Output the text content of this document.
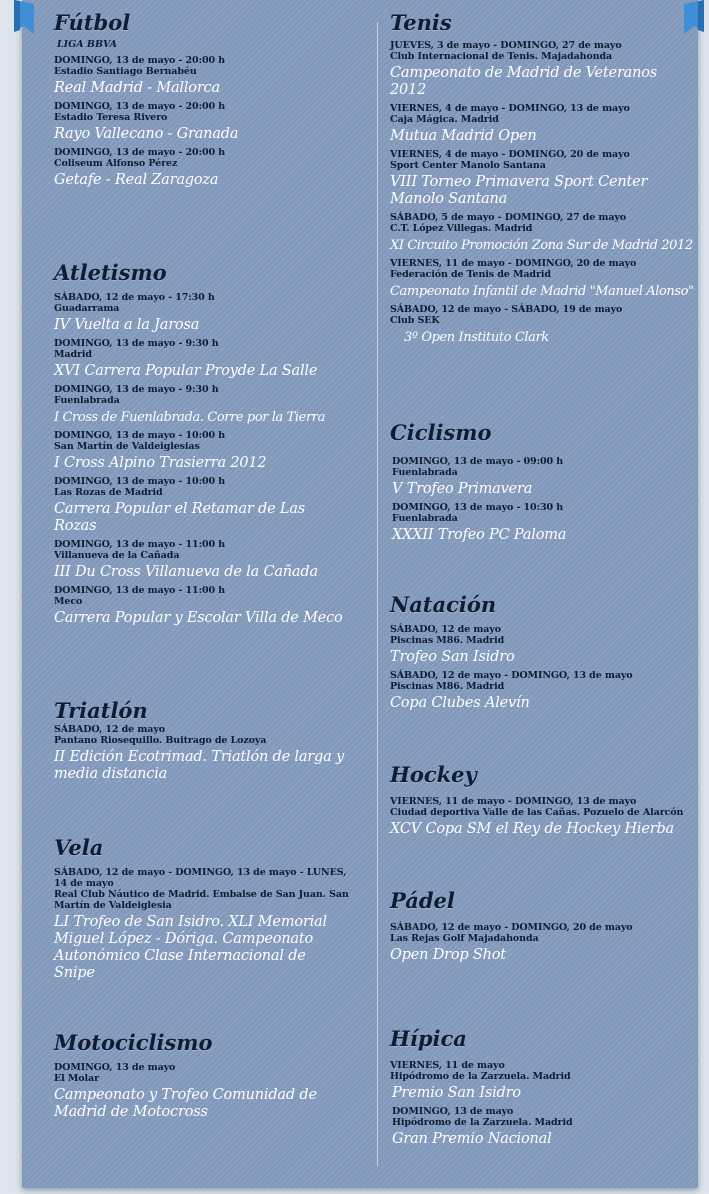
Fútbol
LIGA BBVA
DOMINGO, 13 de mayo - 20:00 h
Estadio Santiago Bernabéu
Real Madrid - Mallorca
DOMINGO, 13 de mayo - 20:00 h
Estadio Teresa Rivero
Rayo Vallecano - Granada
DOMINGO, 13 de mayo - 20:00 h
Coliseum Alfonso Pérez
Getafe - Real Zaragoza
Atletismo
SÁBADO, 12 de mayo - 17:30 h
Guadarrama
IV Vuelta a la Jarosa
DOMINGO, 13 de mayo - 9:30 h
Madrid
XVI Carrera Popular Proyde La Salle
DOMINGO, 13 de mayo - 9:30 h
Fuenlabrada
I Cross de Fuenlabrada. Corre por la Tierra
DOMINGO, 13 de mayo - 10:00 h
San Martín de Valdeiglesias
I Cross Alpino Trasierra 2012
DOMINGO, 13 de mayo - 10:00 h
Las Rozas de Madrid
Carrera Popular el Retamar de Las Rozas
DOMINGO, 13 de mayo - 11:00 h
Villanueva de la Cañada
III Du Cross Villanueva de la Cañada
DOMINGO, 13 de mayo - 11:00 h
Meco
Carrera Popular y Escolar Villa de Meco
Triatlón
SÁBADO, 12 de mayo
Pantano Riosequillo. Buitrago de Lozoya
II Edición Ecotrimad. Triatlón de larga y media distancia
Vela
SÁBADO, 12 de mayo - DOMINGO, 13 de mayo - LUNES, 14 de mayo
Real Club Náutico de Madrid. Embalse de San Juan. San Martín de Valdeiglesia
LI Trofeo de San Isidro. XLI Memorial Miguel López - Dóriga. Campeonato Autonómico Clase Internacional de Snipe
Motociclismo
DOMINGO, 13 de mayo
El Molar
Campeonato y Trofeo Comunidad de Madrid de Motocross
Tenis
JUEVES, 3 de mayo - DOMINGO, 27 de mayo
Club Internacional de Tenis. Majadahonda
Campeonato de Madrid de Veteranos 2012
VIERNES, 4 de mayo - DOMINGO, 13 de mayo
Caja Mágica. Madrid
Mutua Madrid Open
VIERNES, 4 de mayo - DOMINGO, 20 de mayo
Sport Center Manolo Santana
VIII Torneo Primavera Sport Center Manolo Santana
SÁBADO, 5 de mayo - DOMINGO, 27 de mayo
C.T. López Villegas. Madrid
XI Circuito Promoción Zona Sur de Madrid 2012
VIERNES, 11 de mayo - DOMINGO, 20 de mayo
Federación de Tenis de Madrid
Campeonato Infantil de Madrid "Manuel Alonso"
SÁBADO, 12 de mayo - SÁBADO, 19 de mayo
Club SEK
3º Open Instituto Clark
Ciclismo
DOMINGO, 13 de mayo - 09:00 h
Fuenlabrada
V Trofeo Primavera
DOMINGO, 13 de mayo - 10:30 h
Fuenlabrada
XXXII Trofeo PC Paloma
Natación
SÁBADO, 12 de mayo
Piscinas M86. Madrid
Trofeo San Isidro
SÁBADO, 12 de mayo - DOMINGO, 13 de mayo
Piscinas M86. Madrid
Copa Clubes Alevín
Hockey
VIERNES, 11 de mayo - DOMINGO, 13 de mayo
Ciudad deportiva Valle de las Cañas. Pozuelo de Alarcón
XCV Copa SM el Rey de Hockey Hierba
Pádel
SÁBADO, 12 de mayo - DOMINGO, 20 de mayo
Las Rejas Golf Majadahonda
Open Drop Shot
Hípica
VIERNES, 11 de mayo
Hipódromo de la Zarzuela. Madrid
Premio San Isidro
DOMINGO, 13 de mayo
Hipódromo de la Zarzuela. Madrid
Gran Premio Nacional
